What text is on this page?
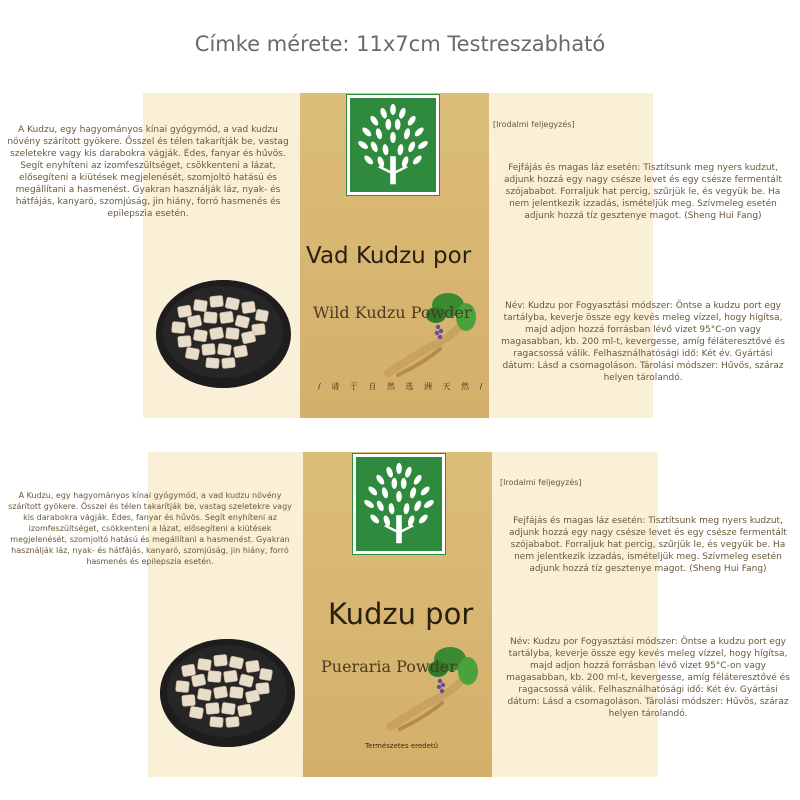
Címke mérete: 11x7cm Testreszabható
Vad Kudzu por
Wild Kudzu Powder
/ 请 于 自 然 选 洲 天 然 /
A Kudzu, egy hagyományos kínai gyógymód, a vad kudzu növény szárított gyökere. Ősszel és télen takarítják be, vastag szeletekre vagy kis darabokra vágják. Édes, fanyar és hűvös. Segít enyhíteni az izomfeszültséget, csökkenteni a lázat, elősegíteni a kiütések megjelenését, szomjoltó hatású és megállítani a hasmenést. Gyakran használják láz, nyak- és hátfájás, kanyaró, szomjúság, jin hiány, forró hasmenés és epilepszia esetén.
[Irodalmi feljegyzés]
Fejfájás és magas láz esetén: Tisztítsunk meg nyers kudzut, adjunk hozzá egy nagy csésze levet és egy csésze fermentált szójababot. Forraljuk hat percig, szűrjük le, és vegyük be. Ha nem jelentkezik izzadás, ismételjük meg. Szívmeleg esetén adjunk hozzá tíz gesztenye magot. (Sheng Hui Fang)
Név: Kudzu por Fogyasztási módszer: Öntse a kudzu port egy tartályba, keverje össze egy kevés meleg vízzel, hogy hígítsa, majd adjon hozzá forrásban lévő vizet 95°C-on vagy magasabban, kb. 200 ml-t, kevergesse, amíg féláteresztővé és ragacsossá válik. Felhasználhatósági idő: Két év. Gyártási dátum: Lásd a csomagoláson. Tárolási módszer: Hűvös, száraz helyen tárolandó.
Kudzu por
Pueraria Powder
Természetes eredetű
A Kudzu, egy hagyományos kínai gyógymód, a vad kudzu növény szárított gyökere. Ősszel és télen takarítják be, vastag szeletekre vagy kis darabokra vágják. Édes, fanyar és hűvös. Segít enyhíteni az izomfeszültséget, csökkenteni a lázat, elősegíteni a kiütések megjelenését, szomjoltó hatású és megállítani a hasmenést. Gyakran használják láz, nyak- és hátfájás, kanyaró, szomjúság, jin hiány, forró hasmenés és epilepszia esetén.
[Irodalmi feljegyzés]
Fejfájás és magas láz esetén: Tisztítsunk meg nyers kudzut, adjunk hozzá egy nagy csésze levet és egy csésze fermentált szójababot. Forraljuk hat percig, szűrjük le, és vegyük be. Ha nem jelentkezik izzadás, ismételjük meg. Szívmeleg esetén adjunk hozzá tíz gesztenye magot. (Sheng Hui Fang)
Név: Kudzu por Fogyasztási módszer: Öntse a kudzu port egy tartályba, keverje össze egy kevés meleg vízzel, hogy hígítsa, majd adjon hozzá forrásban lévő vizet 95°C-on vagy magasabban, kb. 200 ml-t, kevergesse, amíg féláteresztővé és ragacsossá válik. Felhasználhatósági idő: Két év. Gyártási dátum: Lásd a csomagoláson. Tárolási módszer: Hűvös, száraz helyen tárolandó.
